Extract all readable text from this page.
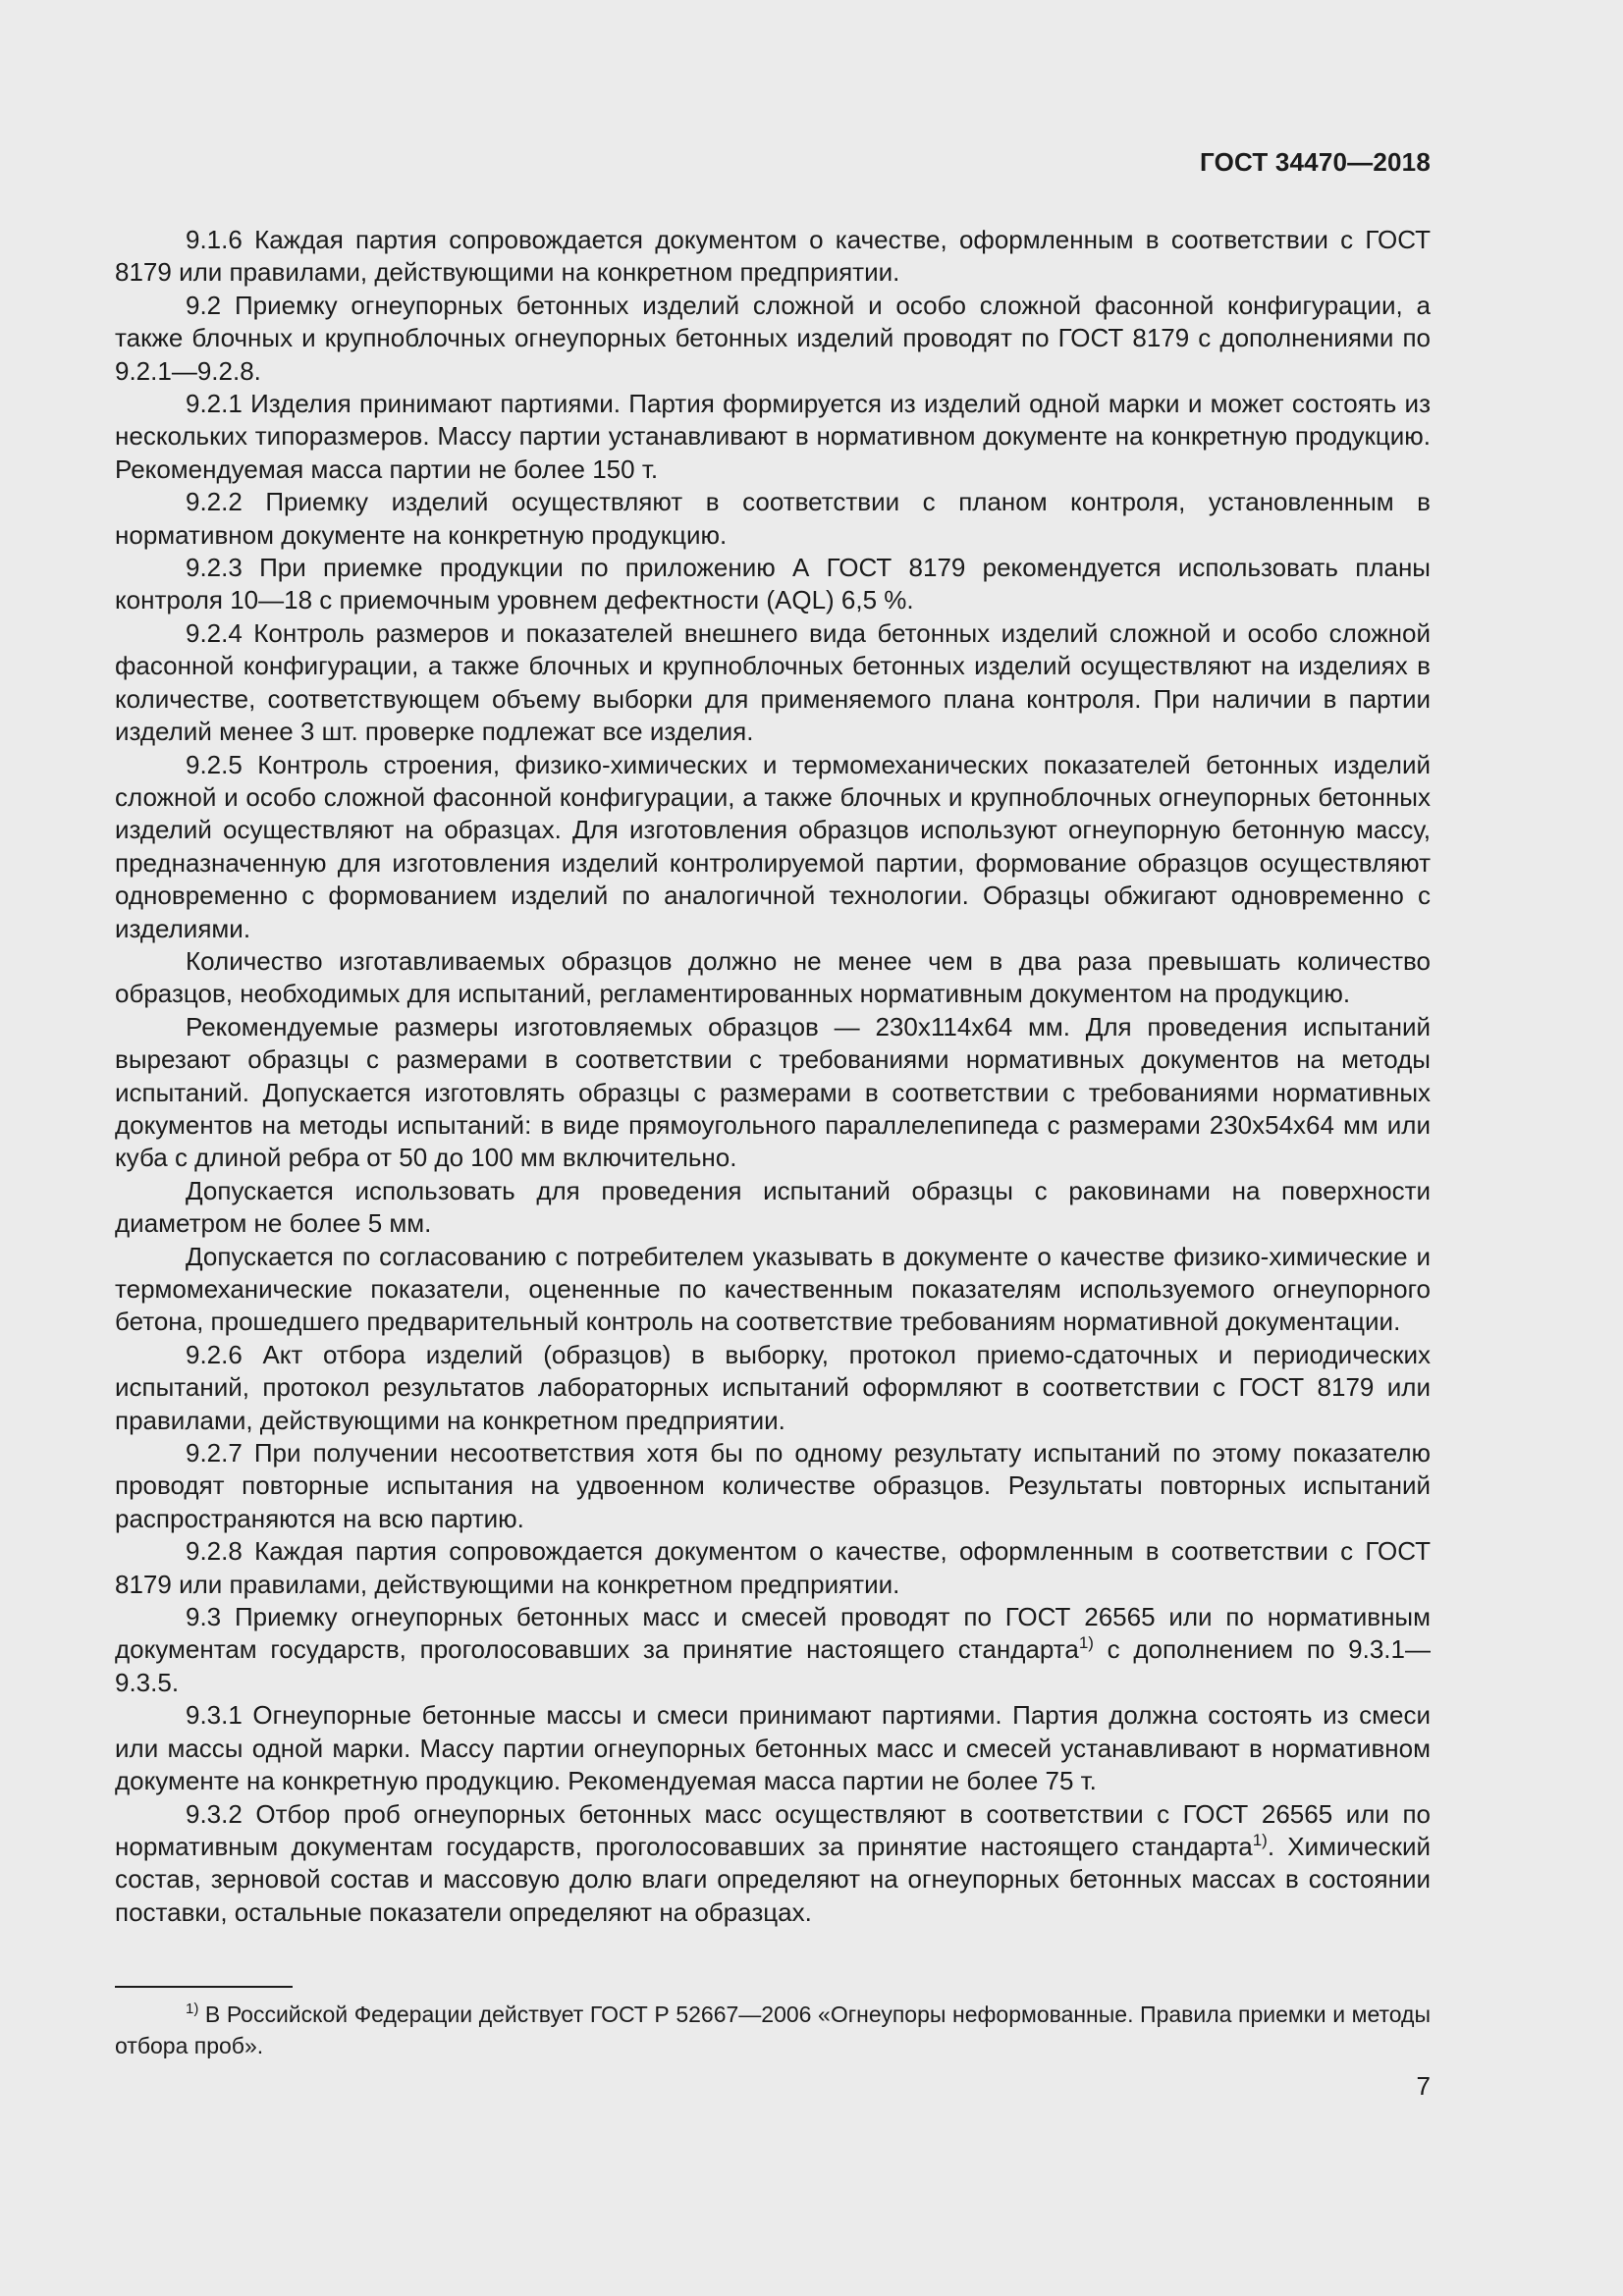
ГОСТ 34470—2018

9.1.6 Каждая партия сопровождается документом о качестве, оформленным в соответствии с ГОСТ 8179 или правилами, действующими на конкретном предприятии.

9.2 Приемку огнеупорных бетонных изделий сложной и особо сложной фасонной конфигурации, а также блочных и крупноблочных огнеупорных бетонных изделий проводят по ГОСТ 8179 с дополнениями по 9.2.1—9.2.8.

9.2.1 Изделия принимают партиями. Партия формируется из изделий одной марки и может состоять из нескольких типоразмеров. Массу партии устанавливают в нормативном документе на конкретную продукцию. Рекомендуемая масса партии не более 150 т.

9.2.2 Приемку изделий осуществляют в соответствии с планом контроля, установленным в нормативном документе на конкретную продукцию.

9.2.3 При приемке продукции по приложению А ГОСТ 8179 рекомендуется использовать планы контроля 10—18 с приемочным уровнем дефектности (AQL) 6,5 %.

9.2.4 Контроль размеров и показателей внешнего вида бетонных изделий сложной и особо сложной фасонной конфигурации, а также блочных и крупноблочных бетонных изделий осуществляют на изделиях в количестве, соответствующем объему выборки для применяемого плана контроля. При наличии в партии изделий менее 3 шт. проверке подлежат все изделия.

9.2.5 Контроль строения, физико-химических и термомеханических показателей бетонных изделий сложной и особо сложной фасонной конфигурации, а также блочных и крупноблочных огнеупорных бетонных изделий осуществляют на образцах. Для изготовления образцов используют огнеупорную бетонную массу, предназначенную для изготовления изделий контролируемой партии, формование образцов осуществляют одновременно с формованием изделий по аналогичной технологии. Образцы обжигают одновременно с изделиями.

Количество изготавливаемых образцов должно не менее чем в два раза превышать количество образцов, необходимых для испытаний, регламентированных нормативным документом на продукцию.

Рекомендуемые размеры изготовляемых образцов — 230х114х64 мм. Для проведения испытаний вырезают образцы с размерами в соответствии с требованиями нормативных документов на методы испытаний. Допускается изготовлять образцы с размерами в соответствии с требованиями нормативных документов на методы испытаний: в виде прямоугольного параллелепипеда с размерами 230х54х64 мм или куба с длиной ребра от 50 до 100 мм включительно.

Допускается использовать для проведения испытаний образцы с раковинами на поверхности диаметром не более 5 мм.

Допускается по согласованию с потребителем указывать в документе о качестве физико-химические и термомеханические показатели, оцененные по качественным показателям используемого огнеупорного бетона, прошедшего предварительный контроль на соответствие требованиям нормативной документации.

9.2.6 Акт отбора изделий (образцов) в выборку, протокол приемо-сдаточных и периодических испытаний, протокол результатов лабораторных испытаний оформляют в соответствии с ГОСТ 8179 или правилами, действующими на конкретном предприятии.

9.2.7 При получении несоответствия хотя бы по одному результату испытаний по этому показателю проводят повторные испытания на удвоенном количестве образцов. Результаты повторных испытаний распространяются на всю партию.

9.2.8 Каждая партия сопровождается документом о качестве, оформленным в соответствии с ГОСТ 8179 или правилами, действующими на конкретном предприятии.

9.3 Приемку огнеупорных бетонных масс и смесей проводят по ГОСТ 26565 или по нормативным документам государств, проголосовавших за принятие настоящего стандарта$^{1)}$ с дополнением по 9.3.1—9.3.5.

9.3.1 Огнеупорные бетонные массы и смеси принимают партиями. Партия должна состоять из смеси или массы одной марки. Массу партии огнеупорных бетонных масс и смесей устанавливают в нормативном документе на конкретную продукцию. Рекомендуемая масса партии не более 75 т.

9.3.2 Отбор проб огнеупорных бетонных масс осуществляют в соответствии с ГОСТ 26565 или по нормативным документам государств, проголосовавших за принятие настоящего стандарта$^{1)}$. Химический состав, зерновой состав и массовую долю влаги определяют на огнеупорных бетонных массах в состоянии поставки, остальные показатели определяют на образцах.

$^{1)}$ В Российской Федерации действует ГОСТ Р 52667—2006 «Огнеупоры неформованные. Правила приемки и методы отбора проб».

7
